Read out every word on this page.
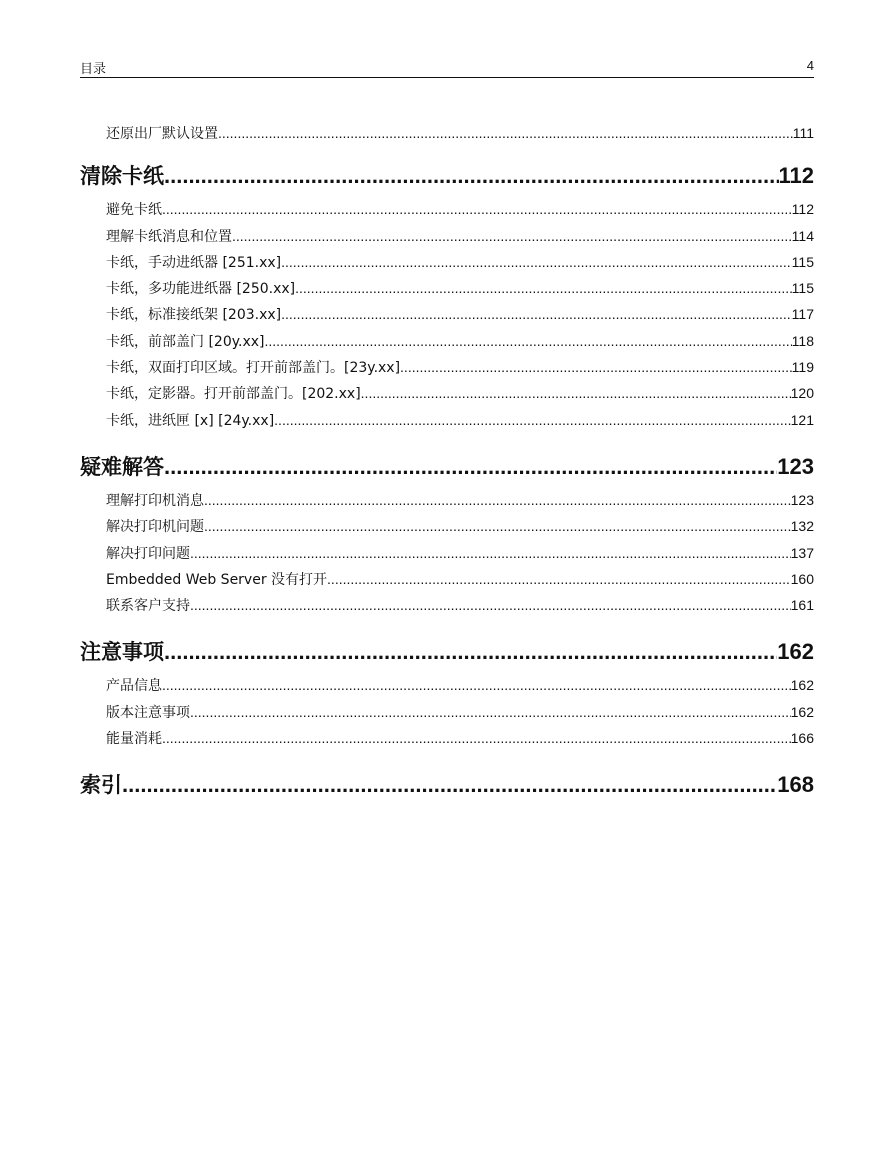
目录	4
还原出厂默认设置 .....	111
清除卡纸 .....	112
避免卡纸 .....	112
理解卡纸消息和位置 .....	114
卡纸，手动进纸器 [251.xx] .....	115
卡纸，多功能进纸器 [250.xx] .....	115
卡纸，标准接纸架 [203.xx] .....	117
卡纸，前部盖门 [20y.xx] .....	118
卡纸，双面打印区域。打开前部盖门。[23y.xx] .....	119
卡纸，定影器。打开前部盖门。[202.xx] .....	120
卡纸，进纸匣 [x] [24y.xx] .....	121
疑难解答 .....	123
理解打印机消息 .....	123
解决打印机问题 .....	132
解决打印问题 .....	137
Embedded Web Server 没有打开 .....	160
联系客户支持 .....	161
注意事项 .....	162
产品信息 .....	162
版本注意事项 .....	162
能量消耗 .....	166
索引 .....	168
